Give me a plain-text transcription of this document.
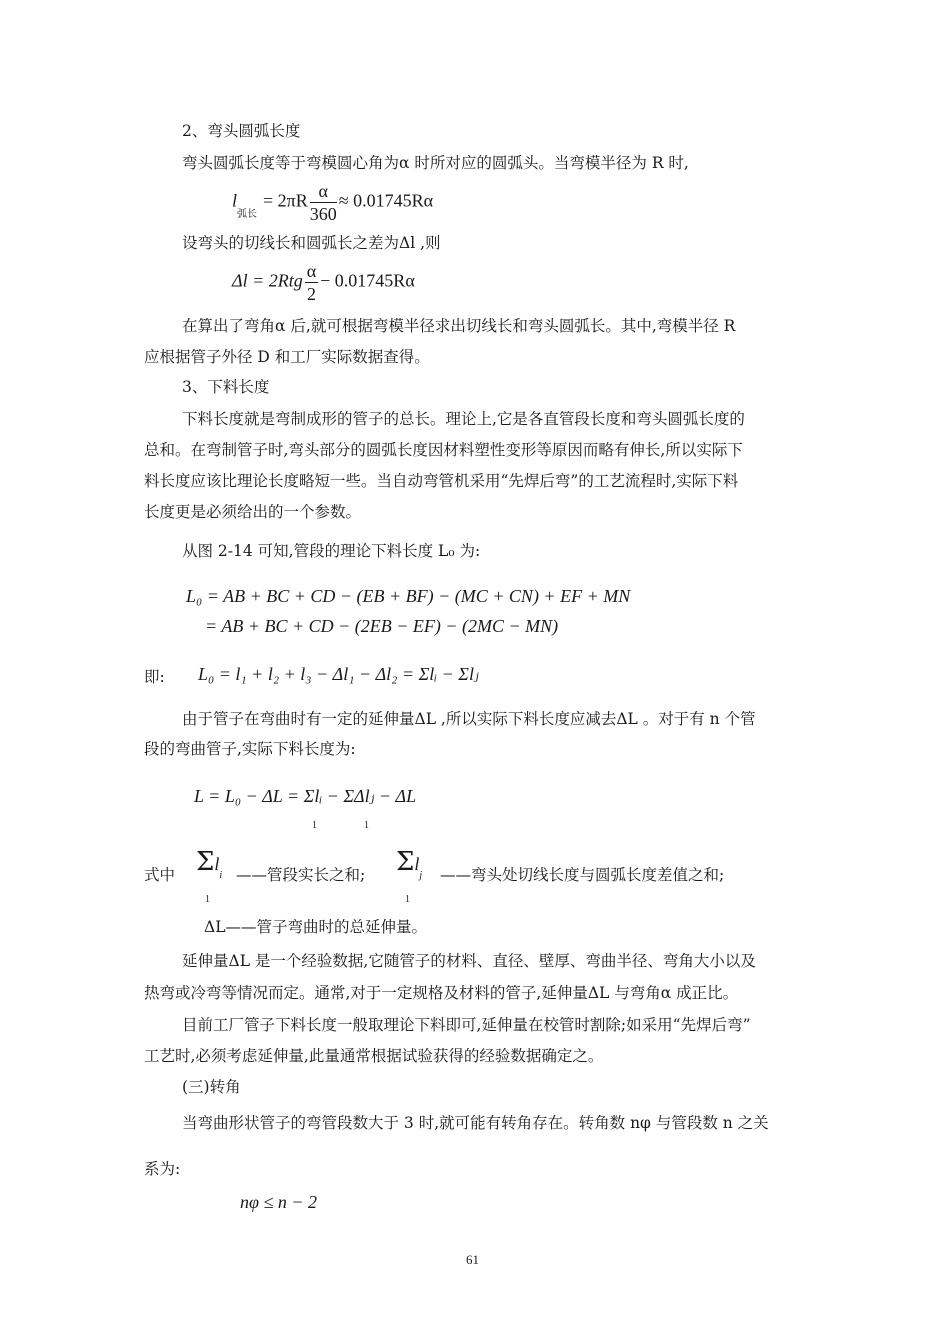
2、弯头圆弧长度
弯头圆弧长度等于弯模圆心角为α 时所对应的圆弧头。当弯模半径为 R 时,
$l_{弧长}= 2\pi R \frac{\alpha}{360} \approx 0.01745R\alpha$
设弯头的切线长和圆弧长之差为Δl ,则
$\Delta l = 2Rtg \frac{\alpha}{2} - 0.01745R\alpha$
在算出了弯角α 后,就可根据弯模半径求出切线长和弯头圆弧长。其中,弯模半径 R
应根据管子外径 D 和工厂实际数据查得。
3、下料长度
下料长度就是弯制成形的管子的总长。理论上,它是各直管段长度和弯头圆弧长度的
总和。在弯制管子时,弯头部分的圆弧长度因材料塑性变形等原因而略有伸长,所以实际下
料长度应该比理论长度略短一些。当自动弯管机采用“先焊后弯”的工艺流程时,实际下料
长度更是必须给出的一个参数。
从图 2-14 可知,管段的理论下料长度 L₀ 为:
L₀ = AB + BC + CD − (EB + BF) − (MC + CN) + EF + MN
= AB + BC + CD − (2EB − EF) − (2MC − MN)
即: L₀ = l₁ + l₂ + l₃ − Δl₁ − Δl₂ = Σlᵢ − Σlⱼ
由于管子在弯曲时有一定的延伸量ΔL ,所以实际下料长度应减去ΔL 。对于有 n 个管
段的弯曲管子,实际下料长度为:
L = L₀ − ΔL = Σlᵢ − ΣΔlⱼ − ΔL
1	1
式中 $\Sigma l_i$
1
——管段实长之和; $\Sigma l_j$
1
——弯头处切线长度与圆弧长度差值之和;
ΔL——管子弯曲时的总延伸量。
延伸量ΔL 是一个经验数据,它随管子的材料、直径、壁厚、弯曲半径、弯角大小以及
热弯或冷弯等情况而定。通常,对于一定规格及材料的管子,延伸量ΔL 与弯角α 成正比。
目前工厂管子下料长度一般取理论下料即可,延伸量在校管时割除;如采用“先焊后弯”
工艺时,必须考虑延伸量,此量通常根据试验获得的经验数据确定之。
(三)转角
当弯曲形状管子的弯管段数大于 3 时,就可能有转角存在。转角数 nφ 与管段数 n 之关
系为:
nφ ≤ n − 2
61
